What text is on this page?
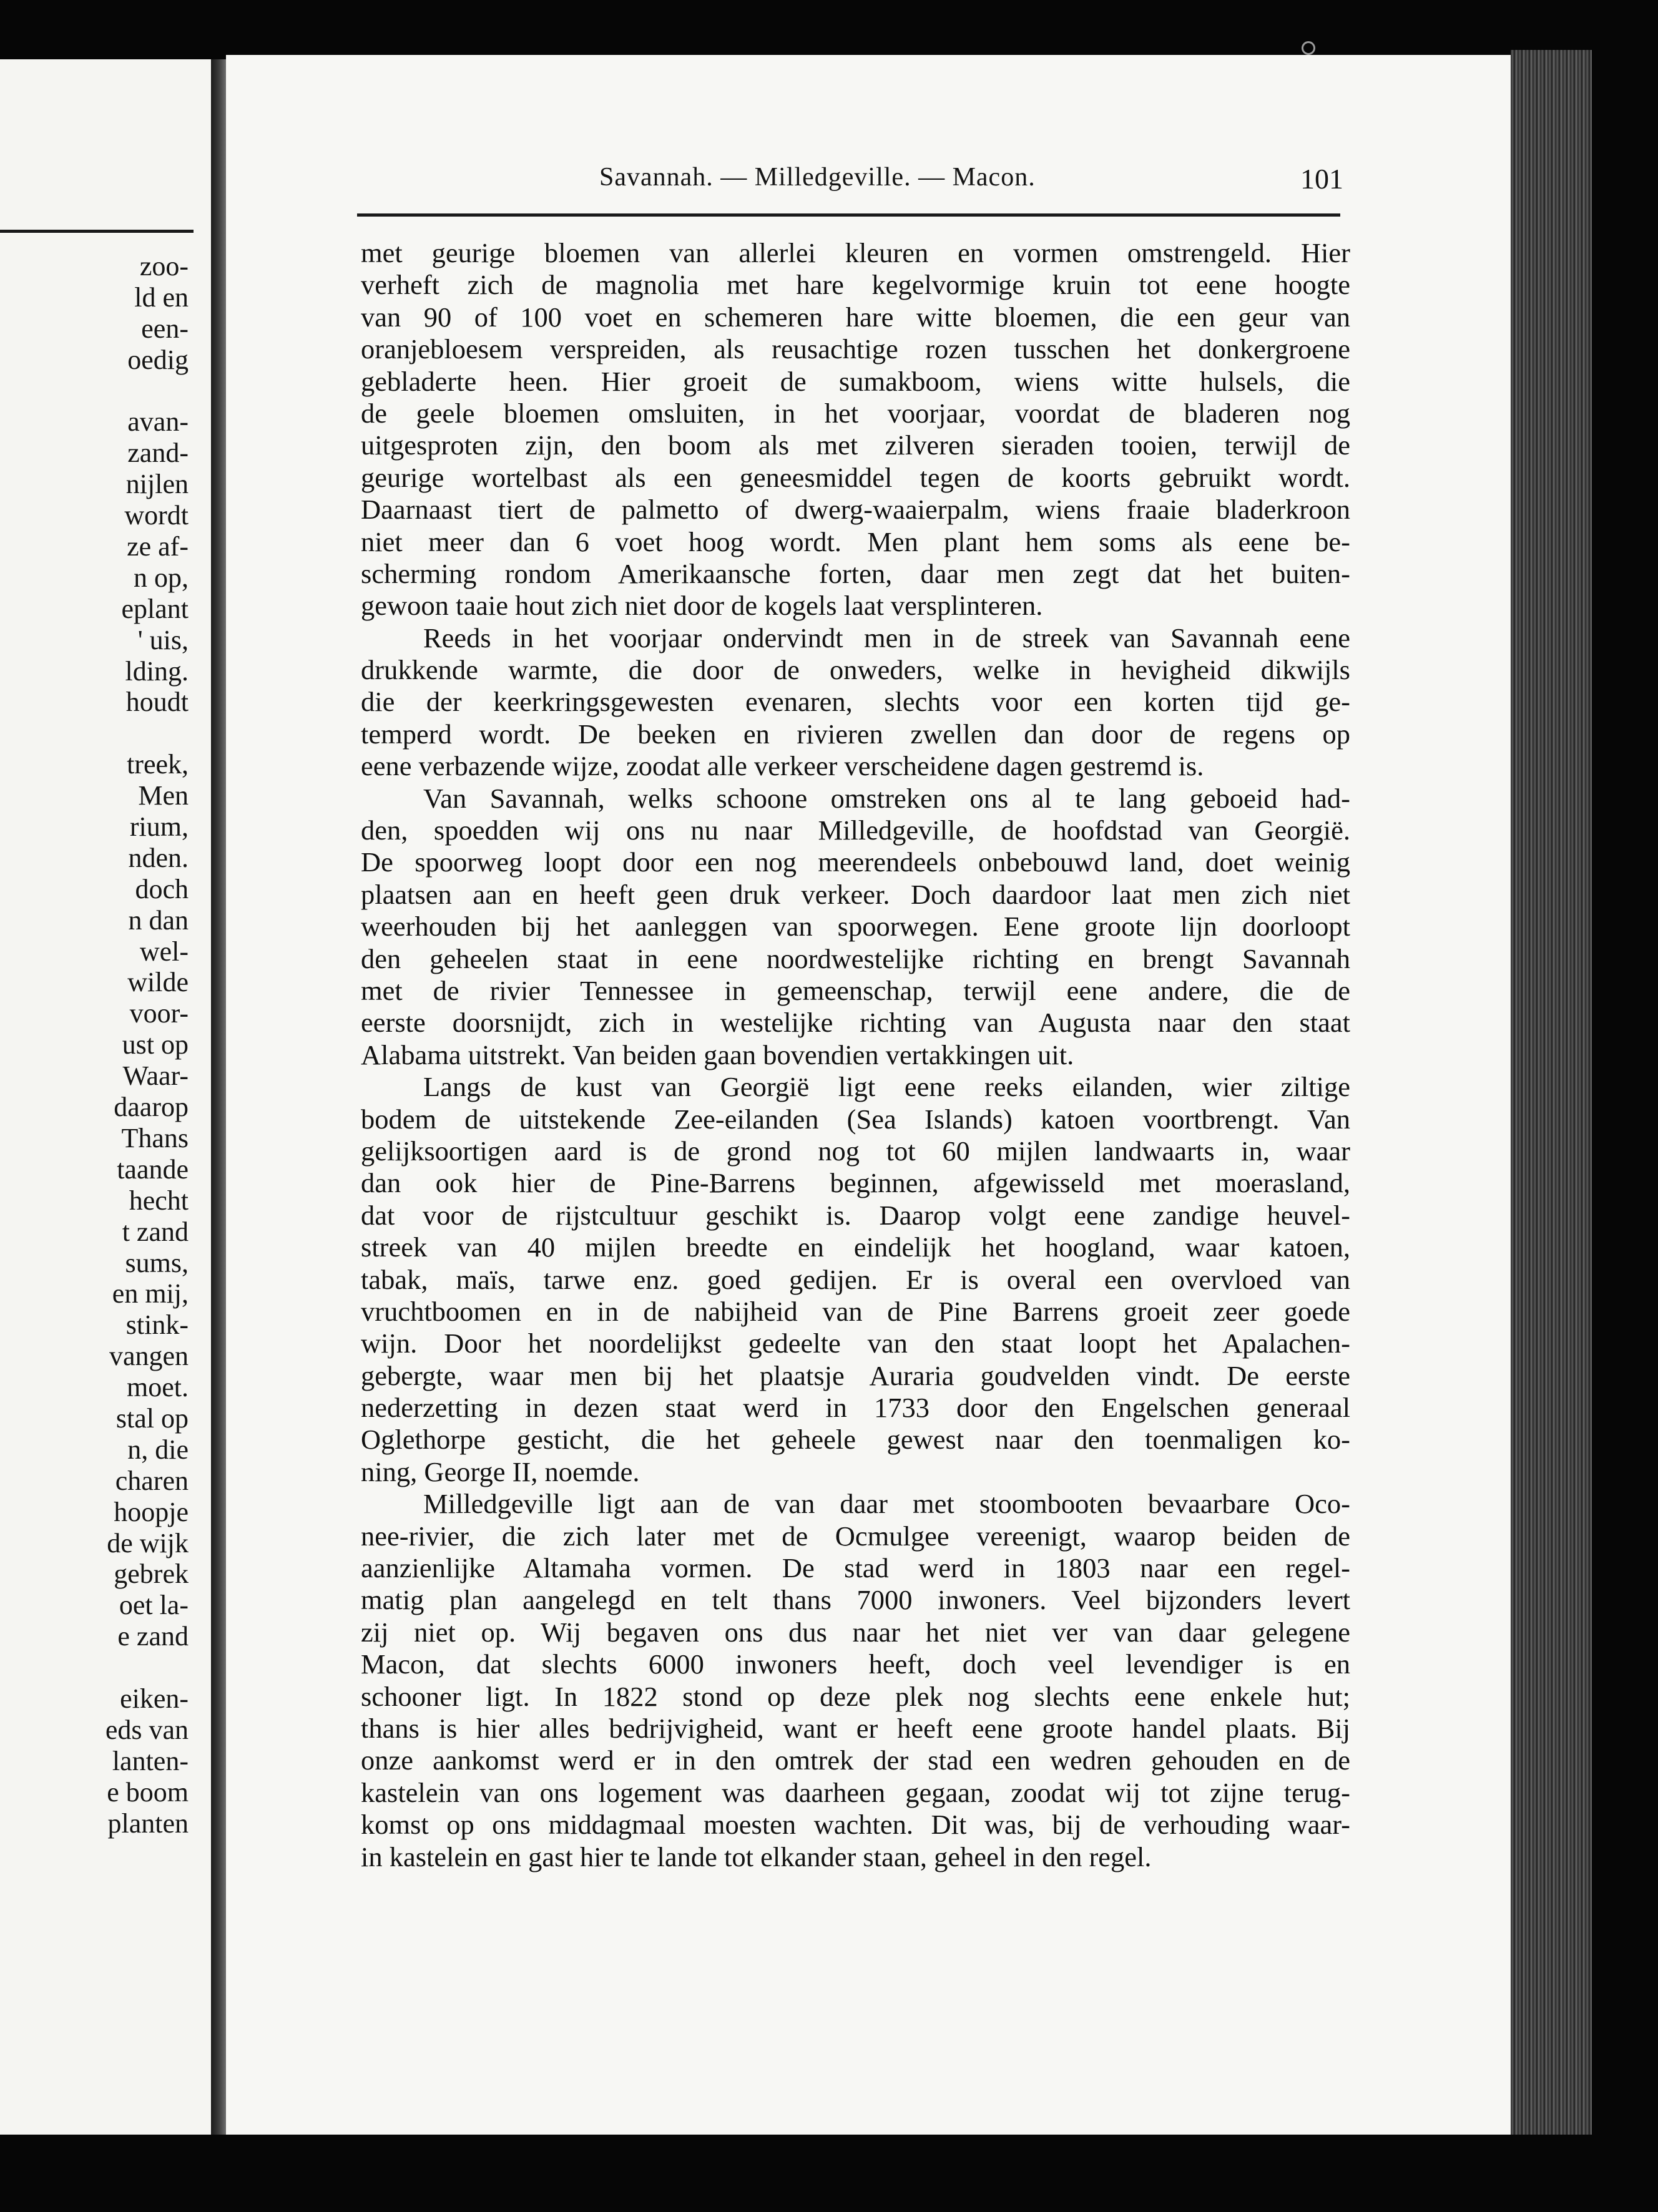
zoo-
ld en
een-
oedig
avan-
zand-
nijlen
wordt
ze af-
n op,
eplant
' uis,
lding.
houdt
treek,
Men
rium,
nden.
doch
n dan
wel-
wilde
voor-
ust op
Waar-
daarop
Thans
taande
hecht
t zand
sums,
en mij,
stink-
vangen
moet.
stal op
n, die
charen
hoopje
de wijk
gebrek
oet la-
e zand
eiken-
eds van
lanten-
e boom
planten
Savannah. — Milledgeville. — Macon.	101
met geurige bloemen van allerlei kleuren en vormen omstrengeld. Hier
verheft zich de magnolia met hare kegelvormige kruin tot eene hoogte
van 90 of 100 voet en schemeren hare witte bloemen, die een geur van
oranjebloesem verspreiden, als reusachtige rozen tusschen het donkergroene
gebladerte heen. Hier groeit de sumakboom, wiens witte hulsels, die
de geele bloemen omsluiten, in het voorjaar, voordat de bladeren nog
uitgesproten zijn, den boom als met zilveren sieraden tooien, terwijl de
geurige wortelbast als een geneesmiddel tegen de koorts gebruikt wordt.
Daarnaast tiert de palmetto of dwerg-waaierpalm, wiens fraaie bladerkroon
niet meer dan 6 voet hoog wordt. Men plant hem soms als eene be-
scherming rondom Amerikaansche forten, daar men zegt dat het buiten-
gewoon taaie hout zich niet door de kogels laat versplinteren.
Reeds in het voorjaar ondervindt men in de streek van Savannah eene
drukkende warmte, die door de onweders, welke in hevigheid dikwijls
die der keerkringsgewesten evenaren, slechts voor een korten tijd ge-
temperd wordt. De beeken en rivieren zwellen dan door de regens op
eene verbazende wijze, zoodat alle verkeer verscheidene dagen gestremd is.
Van Savannah, welks schoone omstreken ons al te lang geboeid had-
den, spoedden wij ons nu naar Milledgeville, de hoofdstad van Georgië.
De spoorweg loopt door een nog meerendeels onbebouwd land, doet weinig
plaatsen aan en heeft geen druk verkeer. Doch daardoor laat men zich niet
weerhouden bij het aanleggen van spoorwegen. Eene groote lijn doorloopt
den geheelen staat in eene noordwestelijke richting en brengt Savannah
met de rivier Tennessee in gemeenschap, terwijl eene andere, die de
eerste doorsnijdt, zich in westelijke richting van Augusta naar den staat
Alabama uitstrekt. Van beiden gaan bovendien vertakkingen uit.
Langs de kust van Georgië ligt eene reeks eilanden, wier ziltige
bodem de uitstekende Zee-eilanden (Sea Islands) katoen voortbrengt. Van
gelijksoortigen aard is de grond nog tot 60 mijlen landwaarts in, waar
dan ook hier de Pine-Barrens beginnen, afgewisseld met moerasland,
dat voor de rijstcultuur geschikt is. Daarop volgt eene zandige heuvel-
streek van 40 mijlen breedte en eindelijk het hoogland, waar katoen,
tabak, maïs, tarwe enz. goed gedijen. Er is overal een overvloed van
vruchtboomen en in de nabijheid van de Pine Barrens groeit zeer goede
wijn. Door het noordelijkst gedeelte van den staat loopt het Apalachen-
gebergte, waar men bij het plaatsje Auraria goudvelden vindt. De eerste
nederzetting in dezen staat werd in 1733 door den Engelschen generaal
Oglethorpe gesticht, die het geheele gewest naar den toenmaligen ko-
ning, George II, noemde.
Milledgeville ligt aan de van daar met stoombooten bevaarbare Oco-
nee-rivier, die zich later met de Ocmulgee vereenigt, waarop beiden de
aanzienlijke Altamaha vormen. De stad werd in 1803 naar een regel-
matig plan aangelegd en telt thans 7000 inwoners. Veel bijzonders levert
zij niet op. Wij begaven ons dus naar het niet ver van daar gelegene
Macon, dat slechts 6000 inwoners heeft, doch veel levendiger is en
schooner ligt. In 1822 stond op deze plek nog slechts eene enkele hut;
thans is hier alles bedrijvigheid, want er heeft eene groote handel plaats. Bij
onze aankomst werd er in den omtrek der stad een wedren gehouden en de
kastelein van ons logement was daarheen gegaan, zoodat wij tot zijne terug-
komst op ons middagmaal moesten wachten. Dit was, bij de verhouding waar-
in kastelein en gast hier te lande tot elkander staan, geheel in den regel.
